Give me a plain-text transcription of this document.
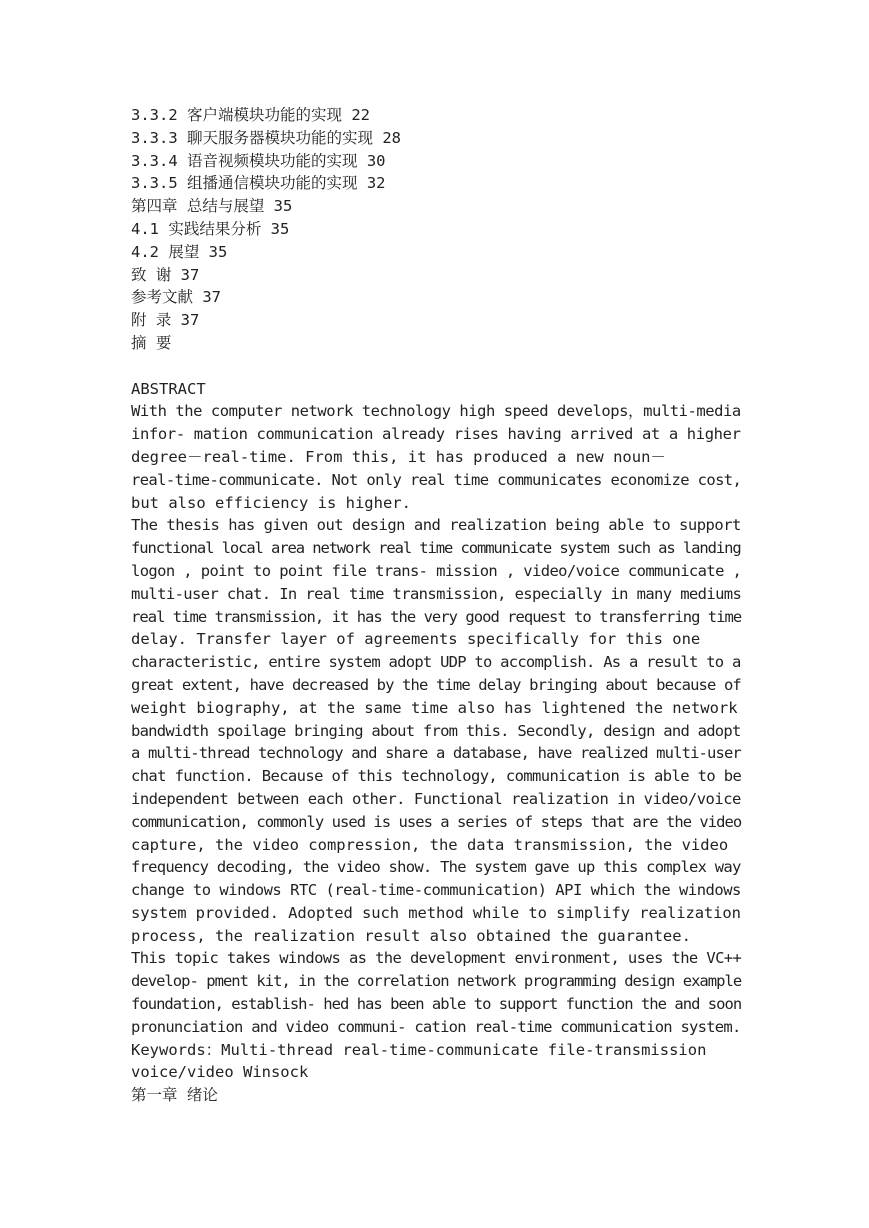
3.3.2 客户端模块功能的实现 22
3.3.3 聊天服务器模块功能的实现 28
3.3.4 语音视频模块功能的实现 30
3.3.5 组播通信模块功能的实现 32
第四章 总结与展望 35
4.1 实践结果分析 35
4.2 展望 35
致 谢 37
参考文献 37
附 录 37
摘 要
ABSTRACT
With the computer network technology high speed develops，multi-media
infor- mation communication already rises having arrived at a higher
degree－real-time. From this, it has produced a new noun－
real-time-communicate. Not only real time communicates economize cost,
but also efficiency is higher.
The thesis has given out design and realization being able to support
functional local area network real time communicate system such as landing
logon , point to point file trans- mission , video/voice communicate ,
multi-user chat. In real time transmission, especially in many mediums
real time transmission, it has the very good request to transferring time
delay. Transfer layer of agreements specifically for this one
characteristic, entire system adopt UDP to accomplish. As a result to a
great extent, have decreased by the time delay bringing about because of
weight biography, at the same time also has lightened the network
bandwidth spoilage bringing about from this. Secondly, design and adopt
a multi-thread technology and share a database, have realized multi-user
chat function. Because of this technology, communication is able to be
independent between each other. Functional realization in video/voice
communication, commonly used is uses a series of steps that are the video
capture, the video compression, the data transmission, the video
frequency decoding, the video show. The system gave up this complex way
change to windows RTC (real-time-communication) API which the windows
system provided. Adopted such method while to simplify realization
process, the realization result also obtained the guarantee.
This topic takes windows as the development environment, uses the VC++
develop- pment kit, in the correlation network programming design example
foundation, establish- hed has been able to support function the and soon
pronunciation and video communi- cation real-time communication system.
Keywords：Multi-thread real-time-communicate file-transmission
voice/video Winsock
第一章 绪论
